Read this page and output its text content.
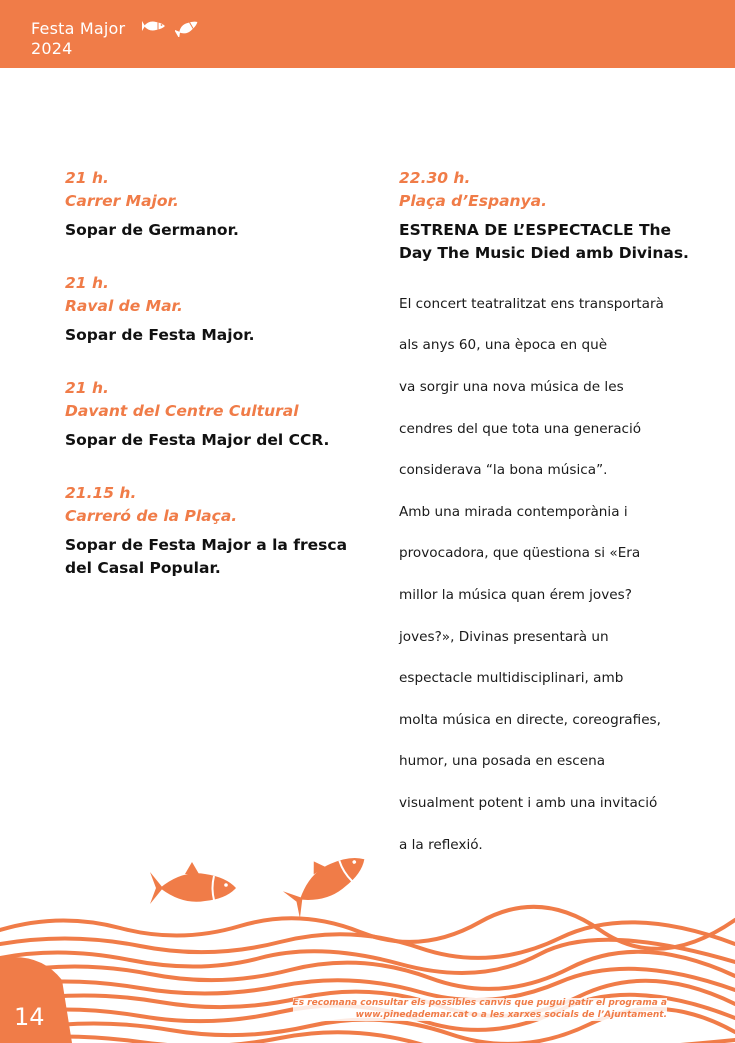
Festa Major
2024
21 h.
Carrer Major.
Sopar de Germanor.
21 h.
Raval de Mar.
Sopar de Festa Major.
21 h.
Davant del Centre Cultural
Sopar de Festa Major del CCR.
21.15 h.
Carreró de la Plaça.
Sopar de Festa Major a la fresca
del Casal Popular.
22.30 h.
Plaça d’Espanya.
ESTRENA DE L’ESPECTACLE The
Day The Music Died amb Divinas.

El concert teatralitzat ens transportarà

als anys 60, una època en què

va sorgir una nova música de les

cendres del que tota una generació

considerava “la bona música”.

Amb una mirada contemporània i

provocadora, que qüestiona si «Era

millor la música quan érem joves?

joves?», Divinas presentarà un

espectacle multidisciplinari, amb

molta música en directe, coreografies,

humor, una posada en escena

visualment potent i amb una invitació

a la reflexió.

14	Es recomana consultar els possibles canvis que pugui patir el programa a
www.pinedademar.cat o a les xarxes socials de l’Ajuntament.
